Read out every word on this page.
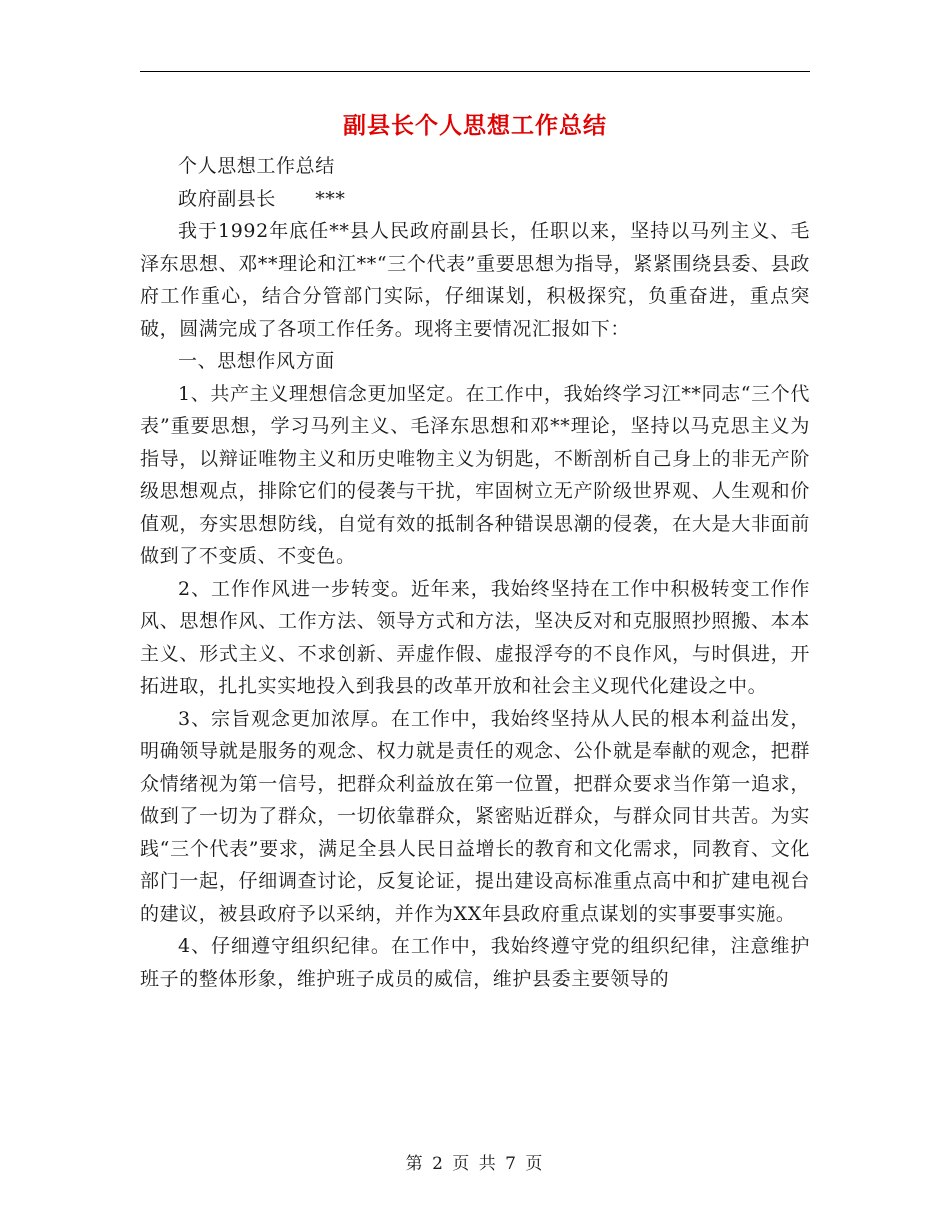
副县长个人思想工作总结

个人思想工作总结

政府副县长　　***

我于1992年底任**县人民政府副县长，任职以来，坚持以马列主义、毛泽东思想、邓**理论和江**“三个代表”重要思想为指导，紧紧围绕县委、县政府工作重心，结合分管部门实际，仔细谋划，积极探究，负重奋进，重点突破，圆满完成了各项工作任务。现将主要情况汇报如下：

一、思想作风方面

1、共产主义理想信念更加坚定。在工作中，我始终学习江**同志“三个代表”重要思想，学习马列主义、毛泽东思想和邓**理论，坚持以马克思主义为指导，以辩证唯物主义和历史唯物主义为钥匙，不断剖析自己身上的非无产阶级思想观点，排除它们的侵袭与干扰，牢固树立无产阶级世界观、人生观和价值观，夯实思想防线，自觉有效的抵制各种错误思潮的侵袭，在大是大非面前做到了不变质、不变色。

2、工作作风进一步转变。近年来，我始终坚持在工作中积极转变工作作风、思想作风、工作方法、领导方式和方法，坚决反对和克服照抄照搬、本本主义、形式主义、不求创新、弄虚作假、虚报浮夸的不良作风，与时俱进，开拓进取，扎扎实实地投入到我县的改革开放和社会主义现代化建设之中。

3、宗旨观念更加浓厚。在工作中，我始终坚持从人民的根本利益出发，明确领导就是服务的观念、权力就是责任的观念、公仆就是奉献的观念，把群众情绪视为第一信号，把群众利益放在第一位置，把群众要求当作第一追求，做到了一切为了群众，一切依靠群众，紧密贴近群众，与群众同甘共苦。为实践“三个代表”要求，满足全县人民日益增长的教育和文化需求，同教育、文化部门一起，仔细调查讨论，反复论证，提出建设高标准重点高中和扩建电视台的建议，被县政府予以采纳，并作为XX年县政府重点谋划的实事要事实施。

4、仔细遵守组织纪律。在工作中，我始终遵守党的组织纪律，注意维护班子的整体形象，维护班子成员的威信，维护县委主要领导的

第 2 页 共 7 页
